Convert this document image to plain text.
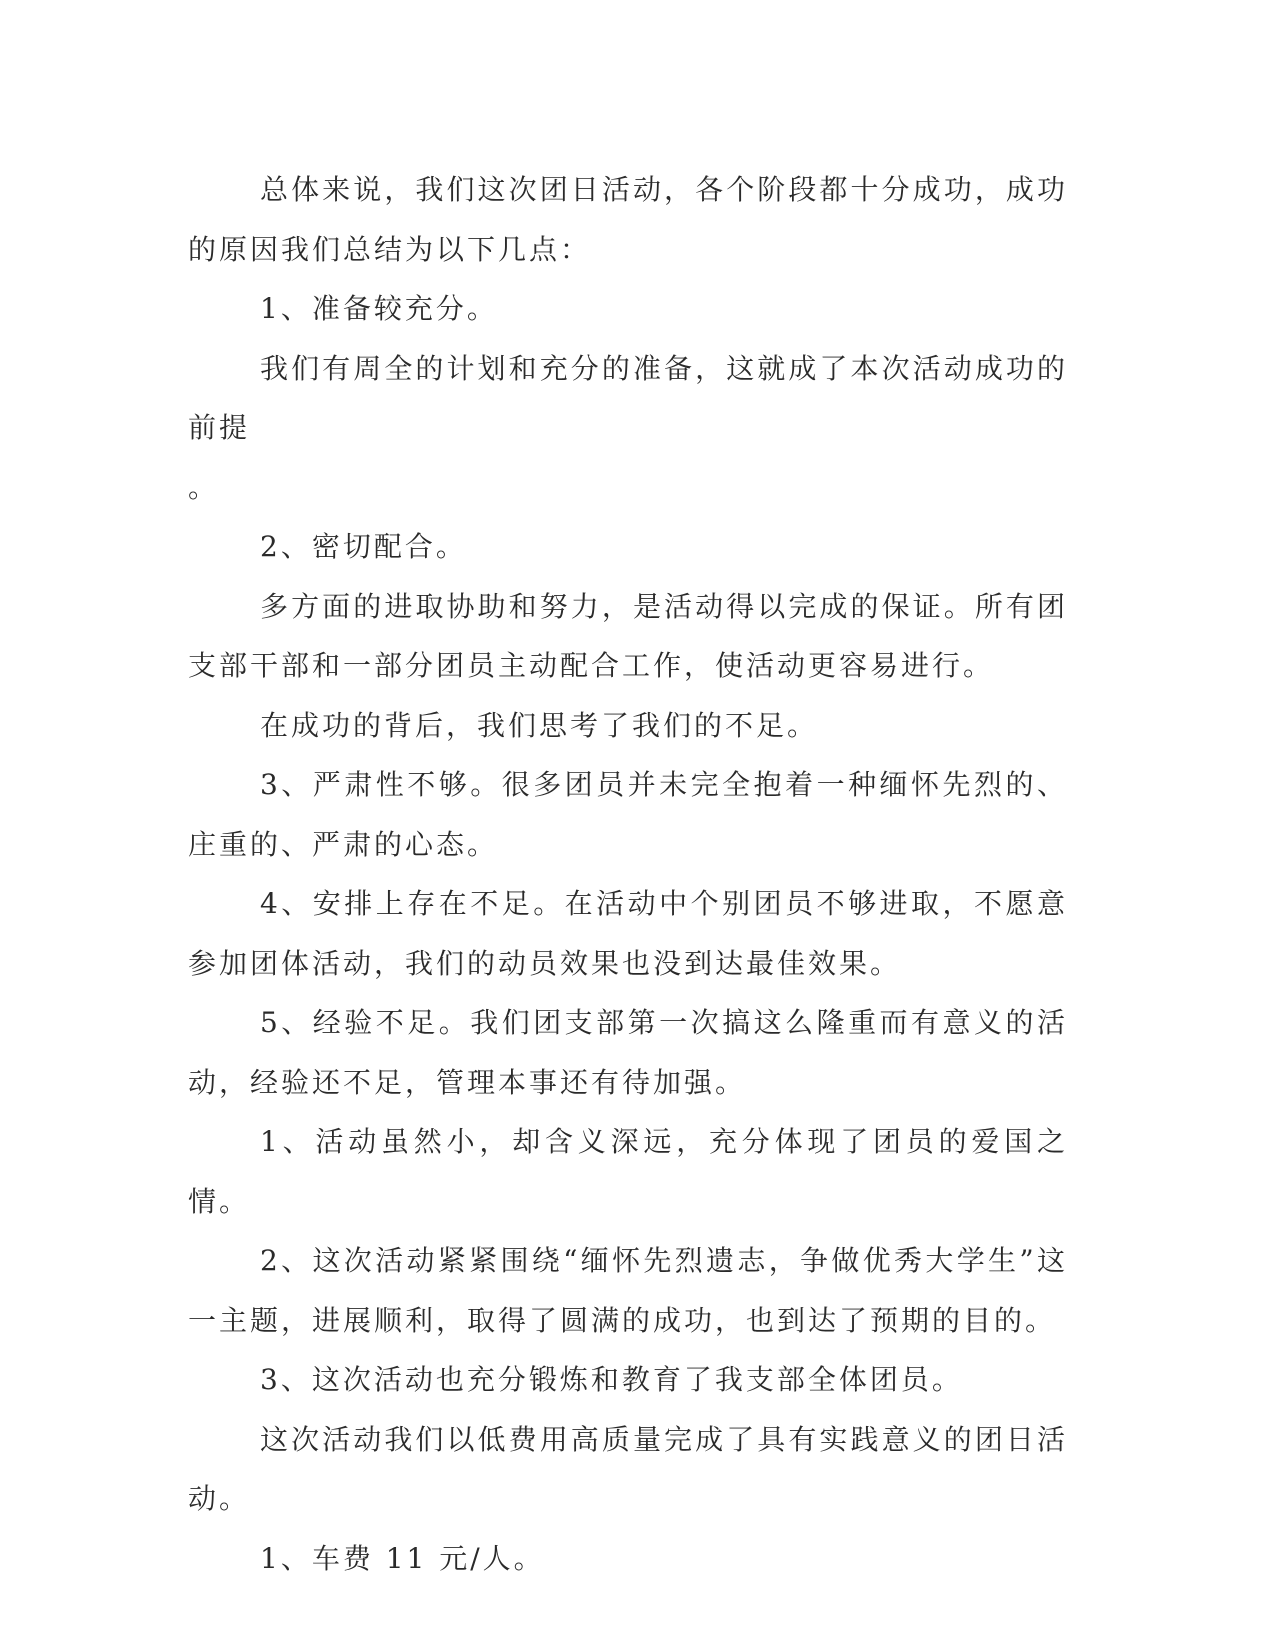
总体来说，我们这次团日活动，各个阶段都十分成功，成功的原因我们总结为以下几点：

1、准备较充分。

我们有周全的计划和充分的准备，这就成了本次活动成功的前提

。

2、密切配合。

多方面的进取协助和努力，是活动得以完成的保证。所有团支部干部和一部分团员主动配合工作，使活动更容易进行。

在成功的背后，我们思考了我们的不足。

3、严肃性不够。很多团员并未完全抱着一种缅怀先烈的、庄重的、严肃的心态。

4、安排上存在不足。在活动中个别团员不够进取，不愿意参加团体活动，我们的动员效果也没到达最佳效果。

5、经验不足。我们团支部第一次搞这么隆重而有意义的活动，经验还不足，管理本事还有待加强。

1、活动虽然小，却含义深远，充分体现了团员的爱国之情。

2、这次活动紧紧围绕“缅怀先烈遗志，争做优秀大学生”这一主题，进展顺利，取得了圆满的成功，也到达了预期的目的。

3、这次活动也充分锻炼和教育了我支部全体团员。

这次活动我们以低费用高质量完成了具有实践意义的团日活动。

1、车费 11 元/人。
